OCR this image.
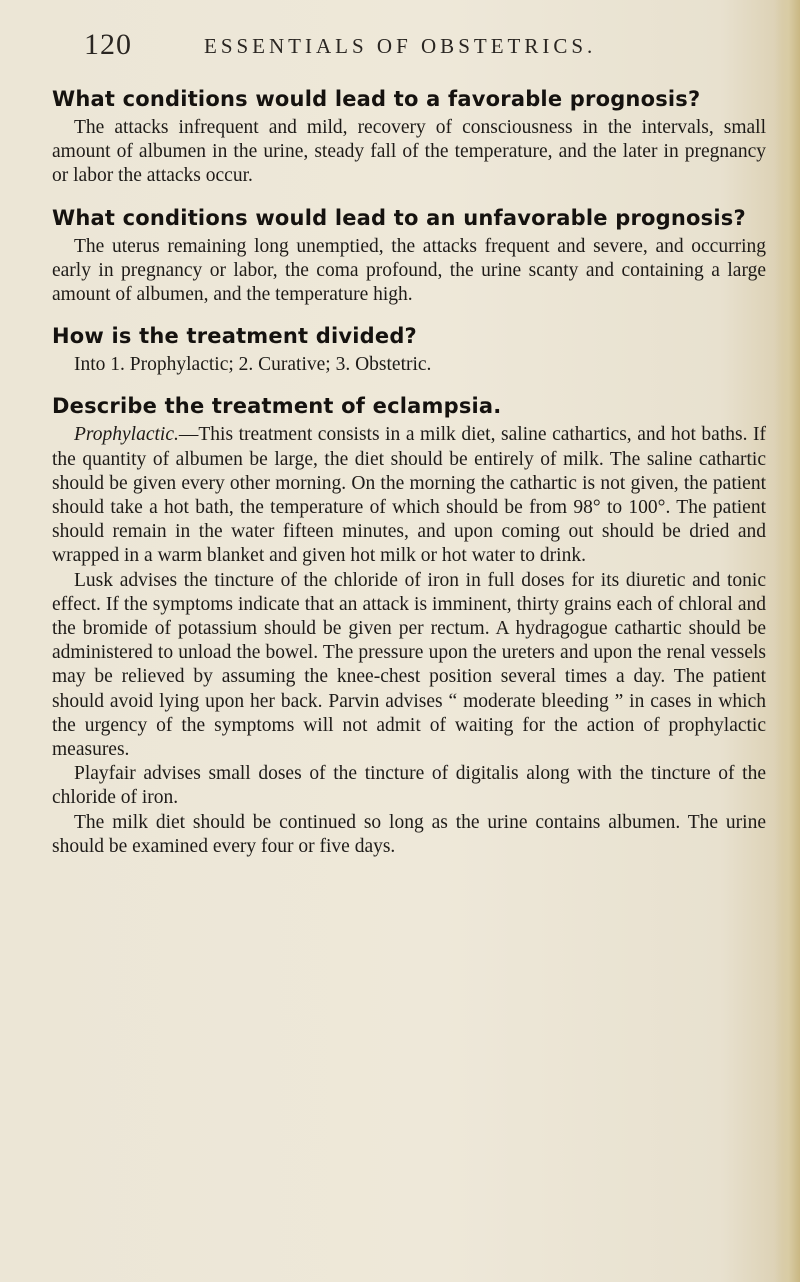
120	ESSENTIALS OF OBSTETRICS.

What conditions would lead to a favorable prognosis?

The attacks infrequent and mild, recovery of consciousness in the intervals, small amount of albumen in the urine, steady fall of the temperature, and the later in pregnancy or labor the attacks occur.

What conditions would lead to an unfavorable prognosis?

The uterus remaining long unemptied, the attacks frequent and severe, and occurring early in pregnancy or labor, the coma profound, the urine scanty and containing a large amount of albumen, and the temperature high.

How is the treatment divided?

Into 1. Prophylactic; 2. Curative; 3. Obstetric.

Describe the treatment of eclampsia.

Prophylactic.—This treatment consists in a milk diet, saline cathartics, and hot baths. If the quantity of albumen be large, the diet should be entirely of milk. The saline cathartic should be given every other morning. On the morning the cathartic is not given, the patient should take a hot bath, the temperature of which should be from 98° to 100°. The patient should remain in the water fifteen minutes, and upon coming out should be dried and wrapped in a warm blanket and given hot milk or hot water to drink.

Lusk advises the tincture of the chloride of iron in full doses for its diuretic and tonic effect. If the symptoms indicate that an attack is imminent, thirty grains each of chloral and the bromide of potassium should be given per rectum. A hydragogue cathartic should be administered to unload the bowel. The pressure upon the ureters and upon the renal vessels may be relieved by assuming the knee-chest position several times a day. The patient should avoid lying upon her back. Parvin advises “ moderate bleeding ” in cases in which the urgency of the symptoms will not admit of waiting for the action of prophylactic measures.

Playfair advises small doses of the tincture of digitalis along with the tincture of the chloride of iron.

The milk diet should be continued so long as the urine contains albumen. The urine should be examined every four or five days.
